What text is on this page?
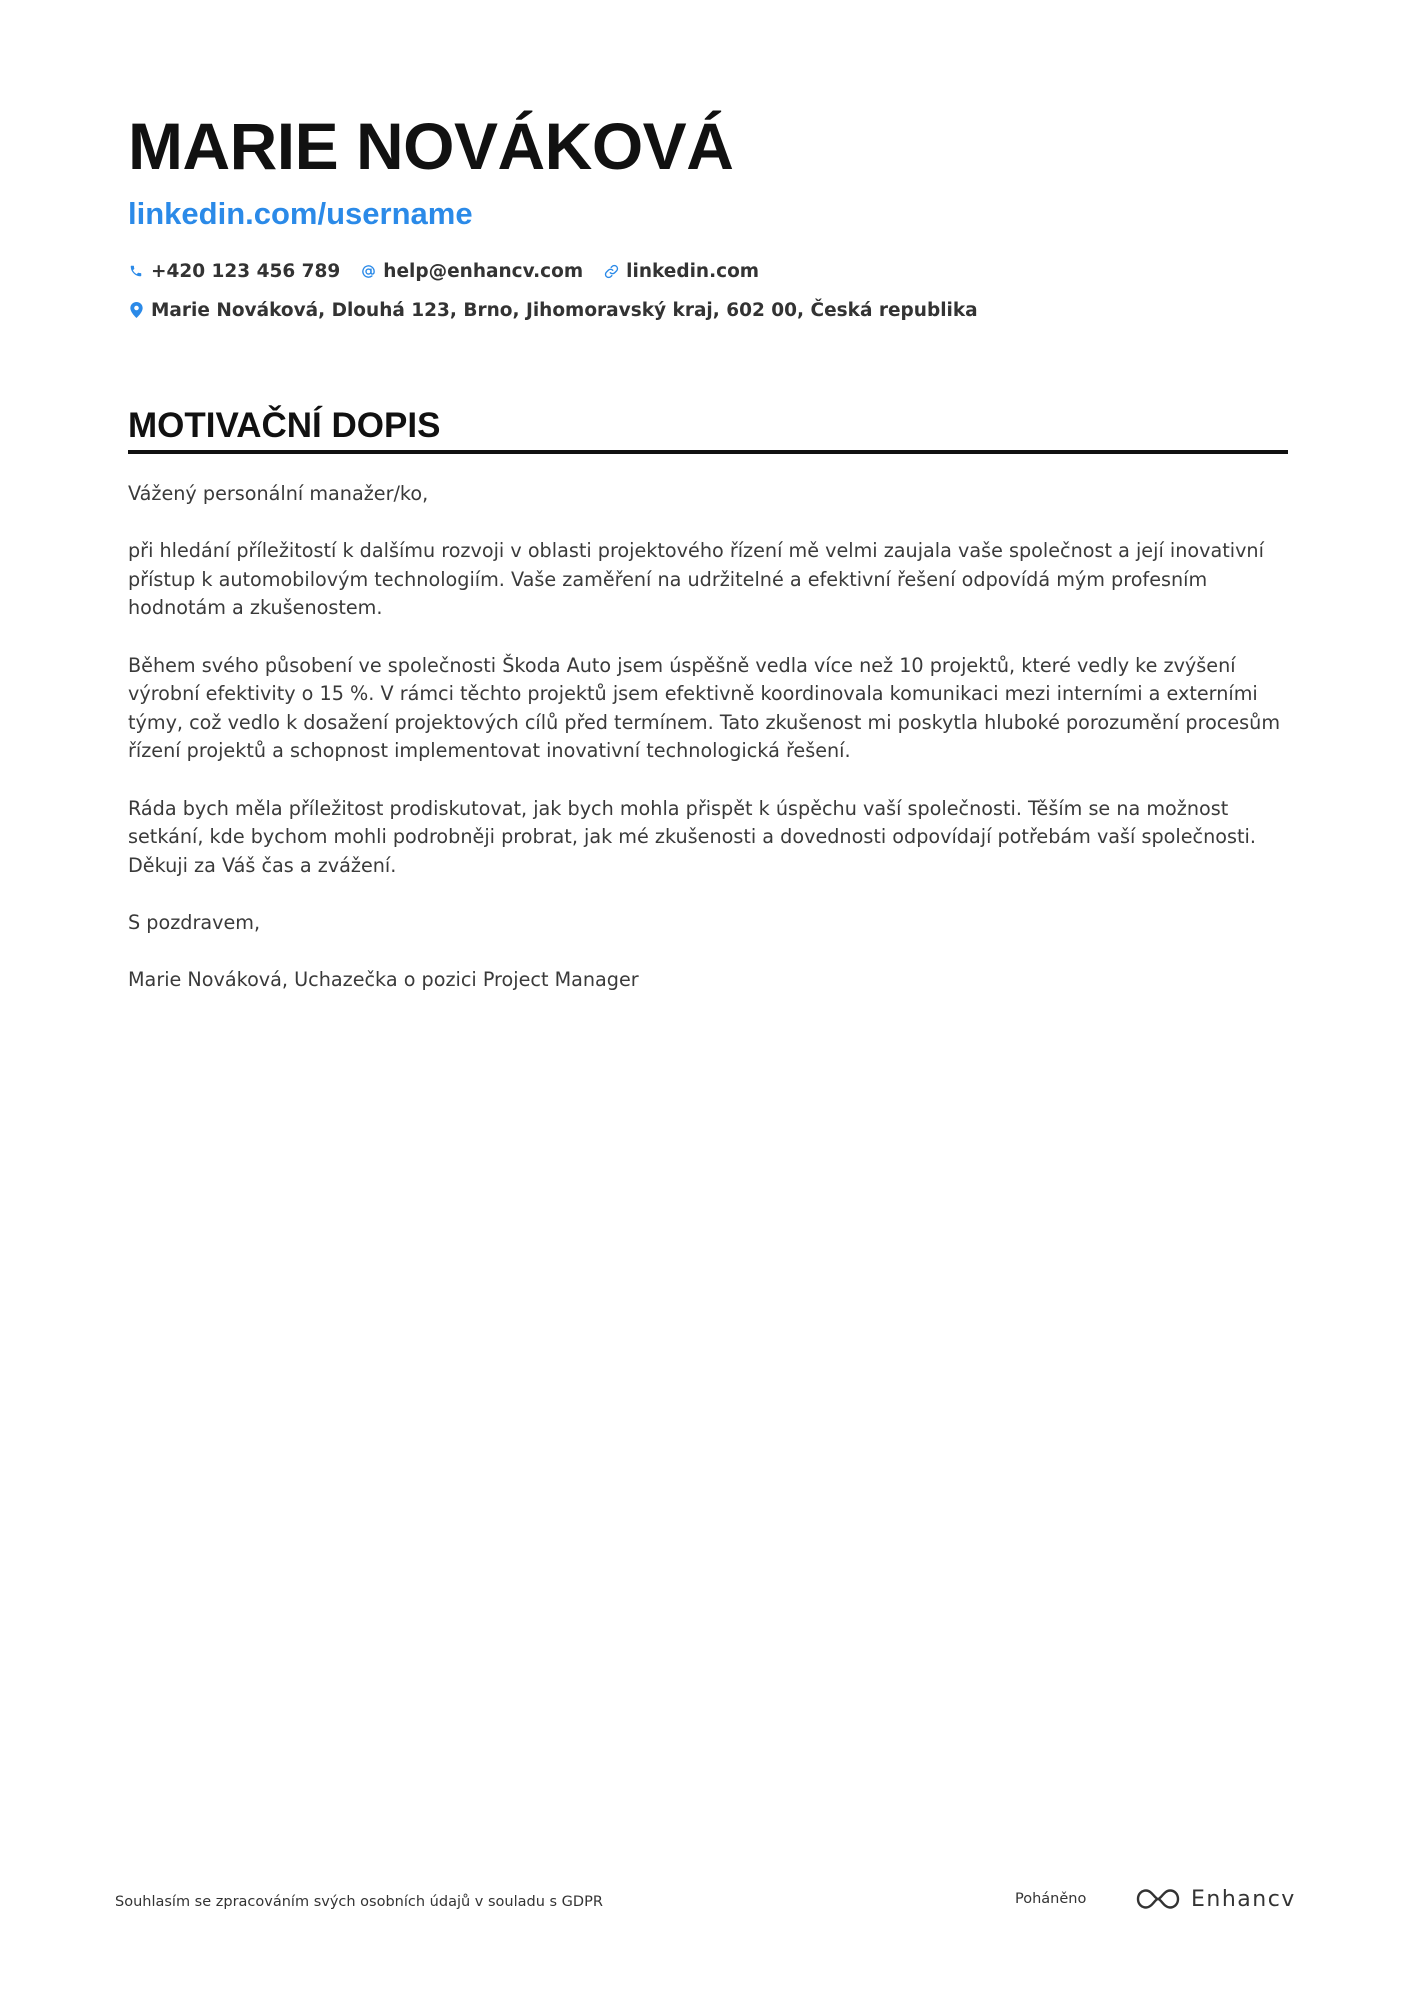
MARIE NOVÁKOVÁ
linkedin.com/username
+420 123 456 789 help@enhancv.com linkedin.com
Marie Nováková, Dlouhá 123, Brno, Jihomoravský kraj, 602 00, Česká republika
MOTIVAČNÍ DOPIS

Vážený personální manažer/ko,

při hledání příležitostí k dalšímu rozvoji v oblasti projektového řízení mě velmi zaujala vaše společnost a její inovativní přístup k automobilovým technologiím. Vaše zaměření na udržitelné a efektivní řešení odpovídá mým profesním hodnotám a zkušenostem.

Během svého působení ve společnosti Škoda Auto jsem úspěšně vedla více než 10 projektů, které vedly ke zvýšení výrobní efektivity o 15 %. V rámci těchto projektů jsem efektivně koordinovala komunikaci mezi interními a externími týmy, což vedlo k dosažení projektových cílů před termínem. Tato zkušenost mi poskytla hluboké porozumění procesům řízení projektů a schopnost implementovat inovativní technologická řešení.

Ráda bych měla příležitost prodiskutovat, jak bych mohla přispět k úspěchu vaší společnosti. Těším se na možnost setkání, kde bychom mohli podrobněji probrat, jak mé zkušenosti a dovednosti odpovídají potřebám vaší společnosti. Děkuji za Váš čas a zvážení.

S pozdravem,

Marie Nováková, Uchazečka o pozici Project Manager

Souhlasím se zpracováním svých osobních údajů v souladu s GDPR	Poháněno	Enhancv
